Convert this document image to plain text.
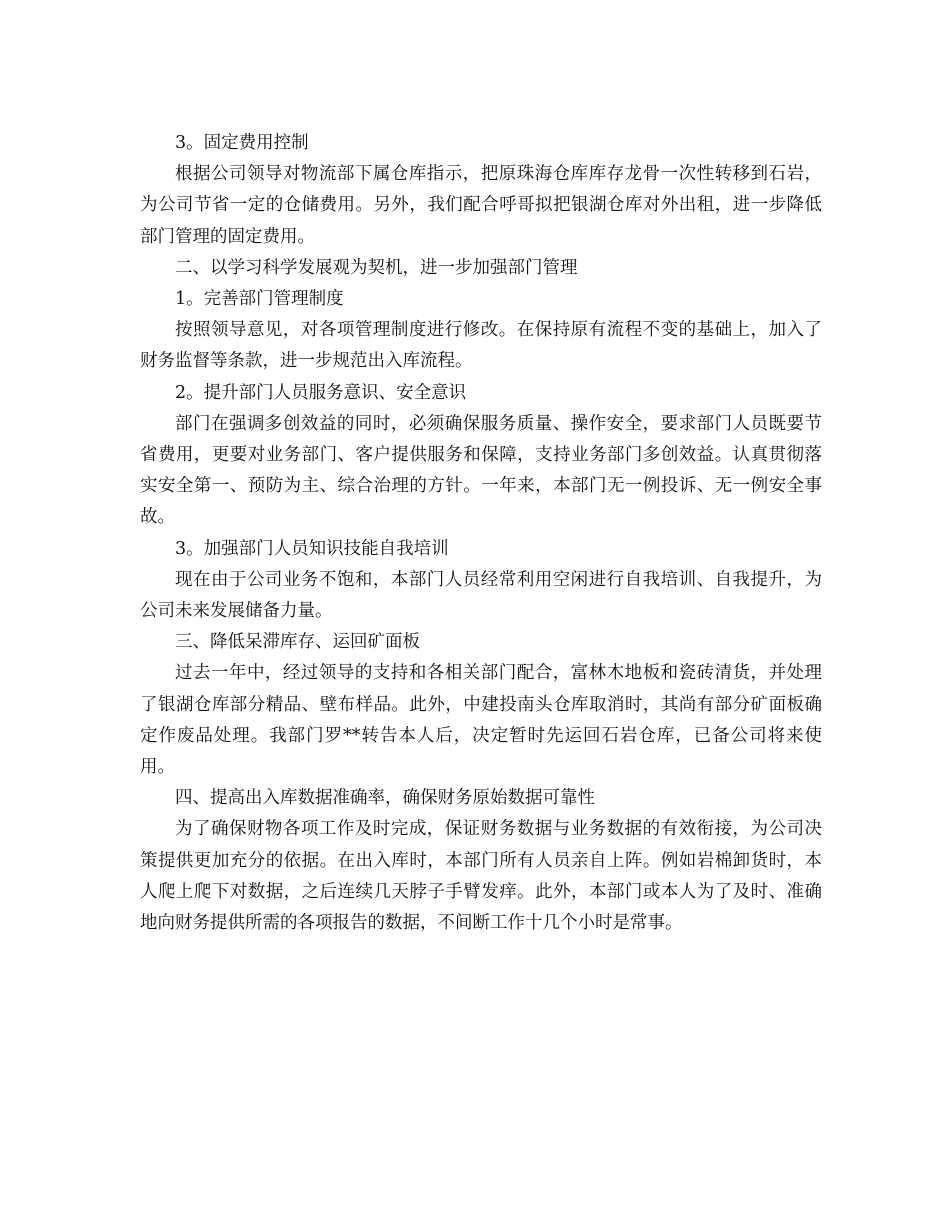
3。固定费用控制

根据公司领导对物流部下属仓库指示，把原珠海仓库库存龙骨一次性转移到石岩，为公司节省一定的仓储费用。另外，我们配合呼哥拟把银湖仓库对外出租，进一步降低部门管理的固定费用。

二、以学习科学发展观为契机，进一步加强部门管理

1。完善部门管理制度

按照领导意见，对各项管理制度进行修改。在保持原有流程不变的基础上，加入了财务监督等条款，进一步规范出入库流程。

2。提升部门人员服务意识、安全意识

部门在强调多创效益的同时，必须确保服务质量、操作安全，要求部门人员既要节省费用，更要对业务部门、客户提供服务和保障，支持业务部门多创效益。认真贯彻落实安全第一、预防为主、综合治理的方针。一年来，本部门无一例投诉、无一例安全事故。

3。加强部门人员知识技能自我培训

现在由于公司业务不饱和，本部门人员经常利用空闲进行自我培训、自我提升，为公司未来发展储备力量。

三、降低呆滞库存、运回矿面板

过去一年中，经过领导的支持和各相关部门配合，富林木地板和瓷砖清货，并处理了银湖仓库部分精品、壁布样品。此外，中建投南头仓库取消时，其尚有部分矿面板确定作废品处理。我部门罗**转告本人后，决定暂时先运回石岩仓库，已备公司将来使用。

四、提高出入库数据准确率，确保财务原始数据可靠性

为了确保财物各项工作及时完成，保证财务数据与业务数据的有效衔接，为公司决策提供更加充分的依据。在出入库时，本部门所有人员亲自上阵。例如岩棉卸货时，本人爬上爬下对数据，之后连续几天脖子手臂发痒。此外，本部门或本人为了及时、准确地向财务提供所需的各项报告的数据，不间断工作十几个小时是常事。
